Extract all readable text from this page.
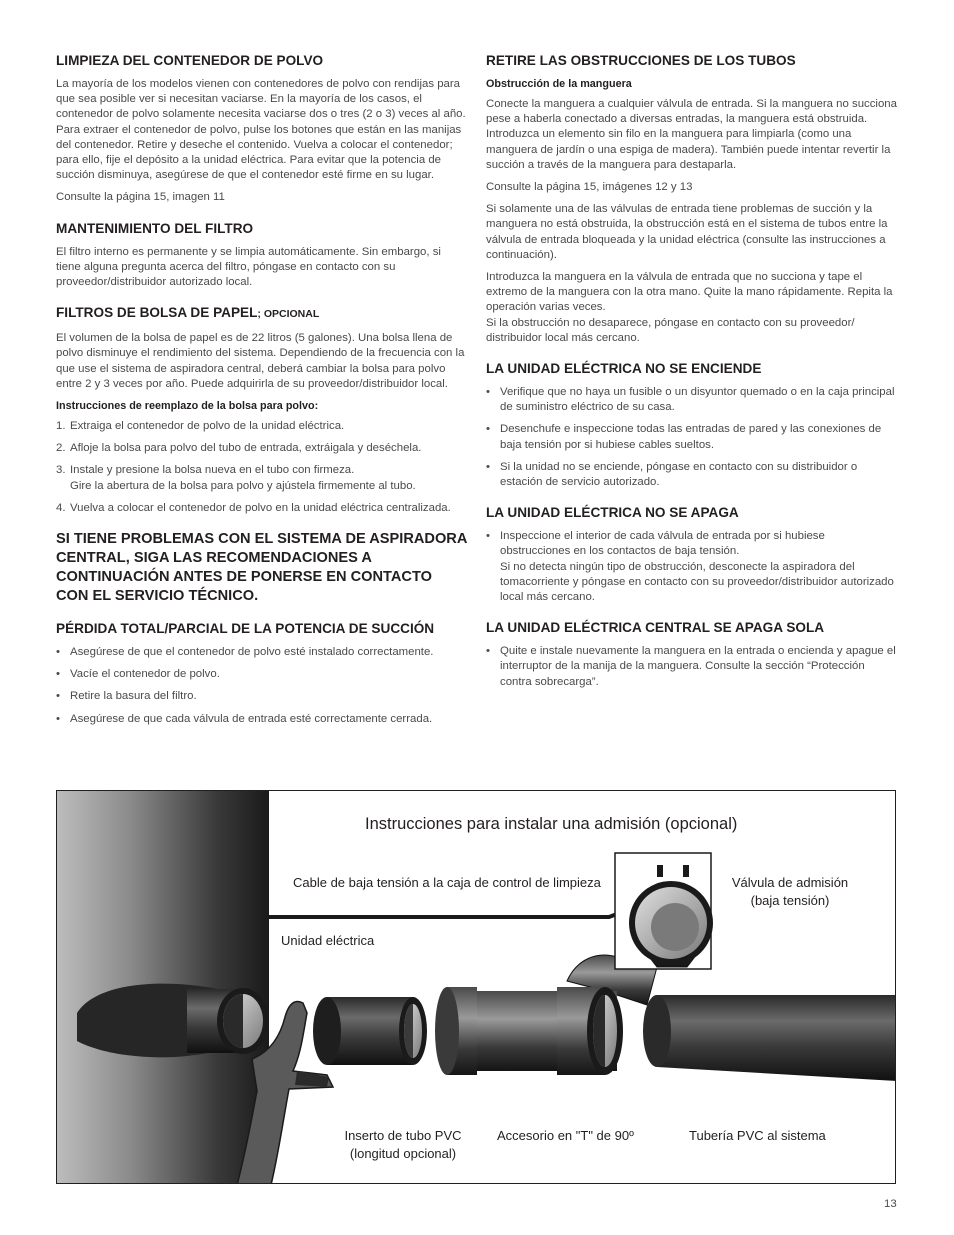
LIMPIEZA DEL CONTENEDOR DE POLVO

La mayoría de los modelos vienen con contenedores de polvo con rendijas para que sea posible ver si necesitan vaciarse. En la mayoría de los casos, el contenedor de polvo solamente necesita vaciarse dos o tres (2 o 3) veces al año. Para extraer el contenedor de polvo, pulse los botones que están en las manijas del contenedor. Retire y deseche el contenido. Vuelva a colocar el contenedor; para ello, fije el depósito a la unidad eléctrica. Para evitar que la potencia de succión disminuya, asegúrese de que el contenedor esté firme en su lugar.

Consulte la página 15, imagen 11

MANTENIMIENTO DEL FILTRO

El filtro interno es permanente y se limpia automáticamente. Sin embargo, si tiene alguna pregunta acerca del filtro, póngase en contacto con su proveedor/distribuidor autorizado local.

FILTROS DE BOLSA DE PAPEL; OPCIONAL

El volumen de la bolsa de papel es de 22 litros (5 galones). Una bolsa llena de polvo disminuye el rendimiento del sistema. Dependiendo de la frecuencia con la que use el sistema de aspiradora central, deberá cambiar la bolsa para polvo entre 2 y 3 veces por año. Puede adquirirla de su proveedor/distribuidor local.

Instrucciones de reemplazo de la bolsa para polvo:
1. Extraiga el contenedor de polvo de la unidad eléctrica.
2. Afloje la bolsa para polvo del tubo de entrada, extráigala y deséchela.
3. Instale y presione la bolsa nueva en el tubo con firmeza.
Gire la abertura de la bolsa para polvo y ajústela firmemente al tubo.
4. Vuelva a colocar el contenedor de polvo en la unidad eléctrica centralizada.
SI TIENE PROBLEMAS CON EL SISTEMA DE ASPIRADORA CENTRAL, SIGA LAS RECOMENDACIONES A CONTINUACIÓN ANTES DE PONERSE EN CONTACTO CON EL SERVICIO TÉCNICO.
PÉRDIDA TOTAL/PARCIAL DE LA POTENCIA DE SUCCIÓN
• Asegúrese de que el contenedor de polvo esté instalado correctamente.
• Vacíe el contenedor de polvo.
• Retire la basura del filtro.
• Asegúrese de que cada válvula de entrada esté correctamente cerrada.
RETIRE LAS OBSTRUCCIONES DE LOS TUBOS
Obstrucción de la manguera

Conecte la manguera a cualquier válvula de entrada. Si la manguera no succiona pese a haberla conectado a diversas entradas, la manguera está obstruida. Introduzca un elemento sin filo en la manguera para limpiarla (como una manguera de jardín o una espiga de madera). También puede intentar revertir la succión a través de la manguera para destaparla.

Consulte la página 15, imágenes 12 y 13

Si solamente una de las válvulas de entrada tiene problemas de succión y la manguera no está obstruida, la obstrucción está en el sistema de tubos entre la válvula de entrada bloqueada y la unidad eléctrica (consulte las instrucciones a continuación).

Introduzca la manguera en la válvula de entrada que no succiona y tape el extremo de la manguera con la otra mano. Quite la mano rápidamente. Repita la operación varias veces.
Si la obstrucción no desaparece, póngase en contacto con su proveedor/ distribuidor local más cercano.

LA UNIDAD ELÉCTRICA NO SE ENCIENDE
• Verifique que no haya un fusible o un disyuntor quemado o en la caja principal de suministro eléctrico de su casa.
• Desenchufe e inspeccione todas las entradas de pared y las conexiones de baja tensión por si hubiese cables sueltos.
• Si la unidad no se enciende, póngase en contacto con su distribuidor o estación de servicio autorizado.
LA UNIDAD ELÉCTRICA NO SE APAGA
• Inspeccione el interior de cada válvula de entrada por si hubiese obstrucciones en los contactos de baja tensión.
Si no detecta ningún tipo de obstrucción, desconecte la aspiradora del tomacorriente y póngase en contacto con su proveedor/distribuidor autorizado local más cercano.
LA UNIDAD ELÉCTRICA CENTRAL SE APAGA SOLA
• Quite e instale nuevamente la manguera en la entrada o encienda y apague el interruptor de la manija de la manguera. Consulte la sección “Protección contra sobrecarga”.
Instrucciones para instalar una admisión (opcional)
Cable de baja tensión a la caja de control de limpieza	Válvula de admisión
(baja tensión)
Unidad eléctrica
Inserto de tubo PVC
(longitud opcional)
Accesorio en "T" de 90º	Tubería PVC al sistema
13
